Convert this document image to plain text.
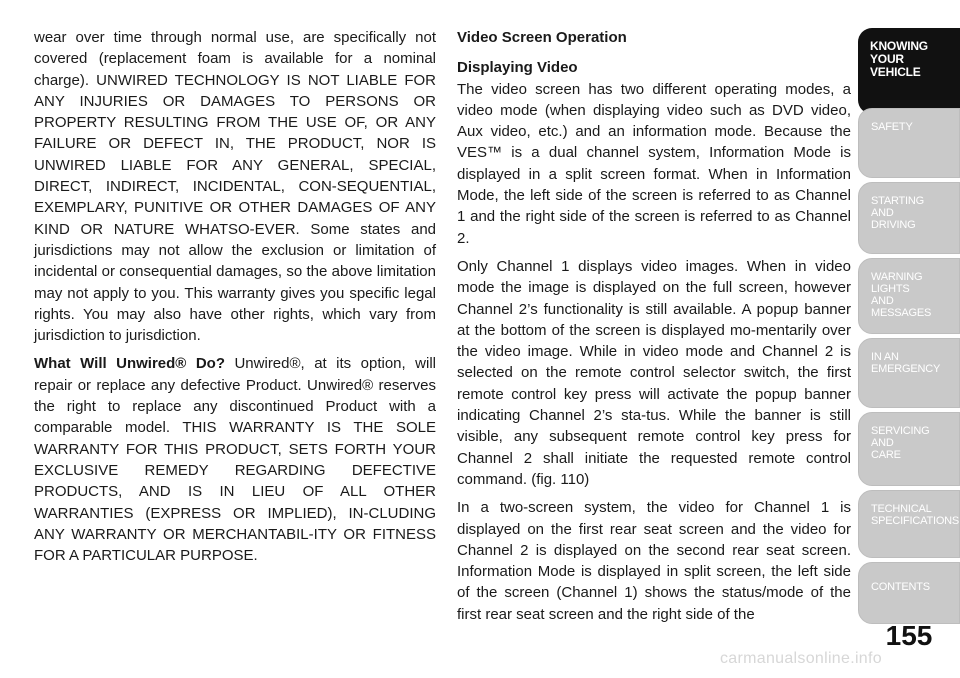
wear over time through normal use, are specifically not covered (replacement foam is available for a nominal charge). UNWIRED TECHNOLOGY IS NOT LIABLE FOR ANY INJURIES OR DAMAGES TO PERSONS OR PROPERTY RESULTING FROM THE USE OF, OR ANY FAILURE OR DEFECT IN, THE PRODUCT, NOR IS UNWIRED LIABLE FOR ANY GENERAL, SPECIAL, DIRECT, INDIRECT, INCIDENTAL, CON-SEQUENTIAL, EXEMPLARY, PUNITIVE OR OTHER DAMAGES OF ANY KIND OR NATURE WHATSO-EVER. Some states and jurisdictions may not allow the exclusion or limitation of incidental or consequential damages, so the above limitation may not apply to you. This warranty gives you specific legal rights. You may also have other rights, which vary from jurisdiction to jurisdiction.

What Will Unwired® Do? Unwired®, at its option, will repair or replace any defective Product. Unwired® reserves the right to replace any discontinued Product with a comparable model. THIS WARRANTY IS THE SOLE WARRANTY FOR THIS PRODUCT, SETS FORTH YOUR EXCLUSIVE REMEDY REGARDING DEFECTIVE PRODUCTS, AND IS IN LIEU OF ALL OTHER WARRANTIES (EXPRESS OR IMPLIED), IN-CLUDING ANY WARRANTY OR MERCHANTABIL-ITY OR FITNESS FOR A PARTICULAR PURPOSE.

Video Screen Operation
Displaying Video

The video screen has two different operating modes, a video mode (when displaying video such as DVD video, Aux video, etc.) and an information mode. Because the VES™ is a dual channel system, Information Mode is displayed in a split screen format. When in Information Mode, the left side of the screen is referred to as Channel 1 and the right side of the screen is referred to as Channel 2.

Only Channel 1 displays video images. When in video mode the image is displayed on the full screen, however Channel 2’s functionality is still available. A popup banner at the bottom of the screen is displayed mo-mentarily over the video image. While in video mode and Channel 2 is selected on the remote control selector switch, the first remote control key press will activate the popup banner indicating Channel 2’s sta-tus. While the banner is still visible, any subsequent remote control key press for Channel 2 shall initiate the requested remote control command. (fig. 110)

In a two-screen system, the video for Channel 1 is displayed on the first rear seat screen and the video for Channel 2 is displayed on the second rear seat screen. Information Mode is displayed in split screen, the left side of the screen (Channel 1) shows the status/mode of the first rear seat screen and the right side of the

KNOWING
YOUR
VEHICLE
SAFETY
STARTING
AND
DRIVING
WARNING
LIGHTS
AND
MESSAGES
IN AN
EMERGENCY
SERVICING
AND
CARE
TECHNICAL
SPECIFICATIONS
CONTENTS
155
carmanualsonline.info
